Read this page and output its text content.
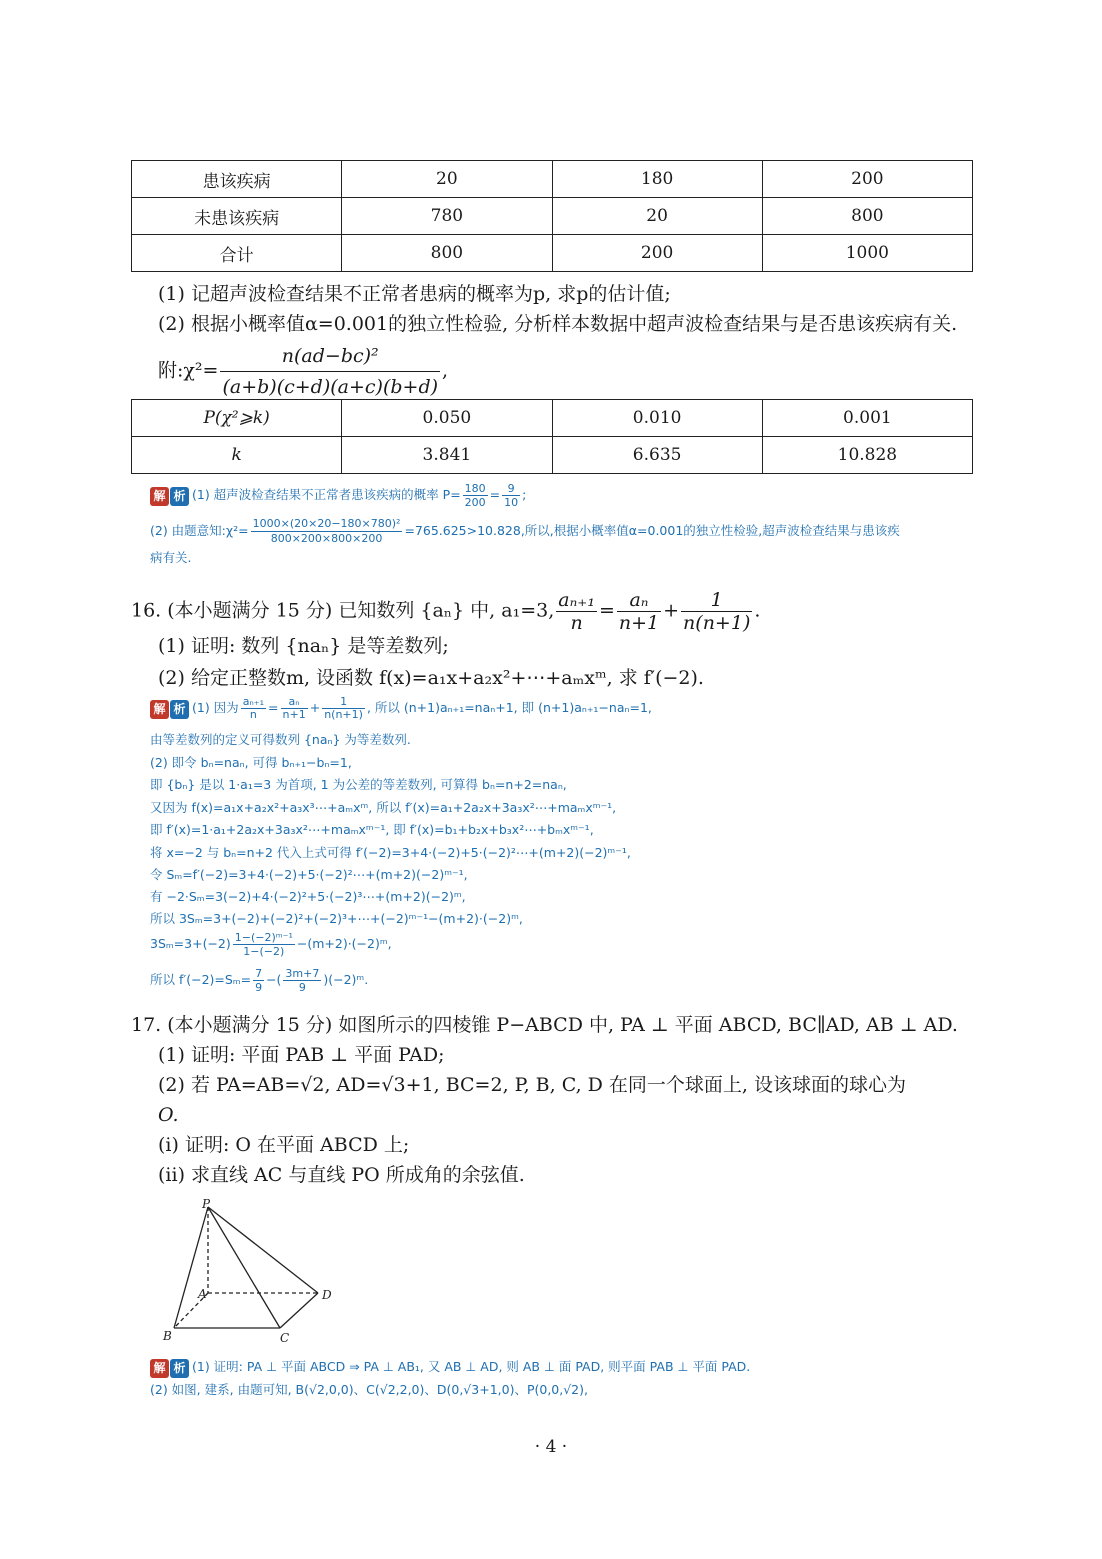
患该疾病	20	180	200
未患该疾病	780	20	800
合计	800	200	1000
(1) 记超声波检查结果不正常者患病的概率为p, 求p的估计值;
(2) 根据小概率值α=0.001的独立性检验, 分析样本数据中超声波检查结果与是否患该疾病有关.
附:χ²= $\frac{\text{n(ad−bc)²}}{(a+b)(c+d)(a+c)(b+d)}$ ,
P(χ²⩾k)	0.050	0.010	0.001
k	3.841	6.635	10.828
解 析 (1) 超声波检查结果不正常者患该疾病的概率 $P= \frac{180}{200} = \frac{9}{10}$ ;
(2) 由题意知:χ²= $\frac{\text{1000×(20×20−180×780)²}}{800\times 200\times 800\times 200} =765.625>10.828$,所以,根据小概率值α=0.001的独立性检验,超声波检查结果与患该疾
病有关.
16. (本小题满分 15 分) 已知数列 {aₙ} 中, a₁=3, $\frac{\text{aₙ₊₁}}{n} = \frac{\text{aₙ}}{n+1} + \frac{1}{n(n+1)}$ .
(1) 证明: 数列 {naₙ} 是等差数列;
(2) 给定正整数m, 设函数 f(x)=a₁x+a₂x²+⋯+aₘxᵐ, 求 f′(−2).
解 析 (1) 因为 $\frac{\text{aₙ₊₁}}{n} = \frac{\text{aₙ}}{n+1} + \frac{1}{n(n+1)}$ , 所以 (n+1)aₙ₊₁=naₙ+1, 即 (n+1)aₙ₊₁−naₙ=1,
由等差数列的定义可得数列 {naₙ} 为等差数列.
(2) 即令 bₙ=naₙ, 可得 bₙ₊₁−bₙ=1,
即 {bₙ} 是以 1·a₁=3 为首项, 1 为公差的等差数列, 可算得 bₙ=n+2=naₙ,
又因为 f(x)=a₁x+a₂x²+a₃x³⋯+aₘxᵐ, 所以 f′(x)=a₁+2a₂x+3a₃x²⋯+maₘxᵐ⁻¹,
即 f′(x)=1·a₁+2a₂x+3a₃x²⋯+maₘxᵐ⁻¹, 即 f′(x)=b₁+b₂x+b₃x²⋯+bₘxᵐ⁻¹,
将 x=−2 与 bₙ=n+2 代入上式可得 f′(−2)=3+4·(−2)+5·(−2)²⋯+(m+2)(−2)ᵐ⁻¹,
令 Sₘ=f′(−2)=3+4·(−2)+5·(−2)²⋯+(m+2)(−2)ᵐ⁻¹,
有 −2·Sₘ=3(−2)+4·(−2)²+5·(−2)³⋯+(m+2)(−2)ᵐ,
所以 3Sₘ=3+(−2)+(−2)²+(−2)³+⋯+(−2)ᵐ⁻¹−(m+2)·(−2)ᵐ,
$3S_m=3+(-2) \frac{\text{1−(−2)ᵐ⁻¹}}{1-(-2)}$ −(m+2)·(−2)ᵐ,
所以 $f'(-2)=S_m= \frac{7}{9}$ −( $\frac{3m+7}{9}$ )(−2)ᵐ.
17. (本小题满分 15 分) 如图所示的四棱锥 P−ABCD 中, PA ⊥ 平面 ABCD, BC∥AD, AB ⊥ AD.
(1) 证明: 平面 PAB ⊥ 平面 PAD;
(2) 若 PA=AB=√2, AD=√3+1, BC=2, P, B, C, D 在同一个球面上, 设该球面的球心为
O.
(i) 证明: O 在平面 ABCD 上;
(ii) 求直线 AC 与直线 PO 所成角的余弦值.
P
A
B	C
D
解 析 (1) 证明: PA ⊥ 平面 ABCD ⇒ PA ⊥ AB₁, 又 AB ⊥ AD, 则 AB ⊥ 面 PAD, 则平面 PAB ⊥ 平面 PAD.
(2) 如图, 建系, 由题可知, B(√2,0,0)、C(√2,2,0)、D(0,√3+1,0)、P(0,0,√2),
· 4 ·
